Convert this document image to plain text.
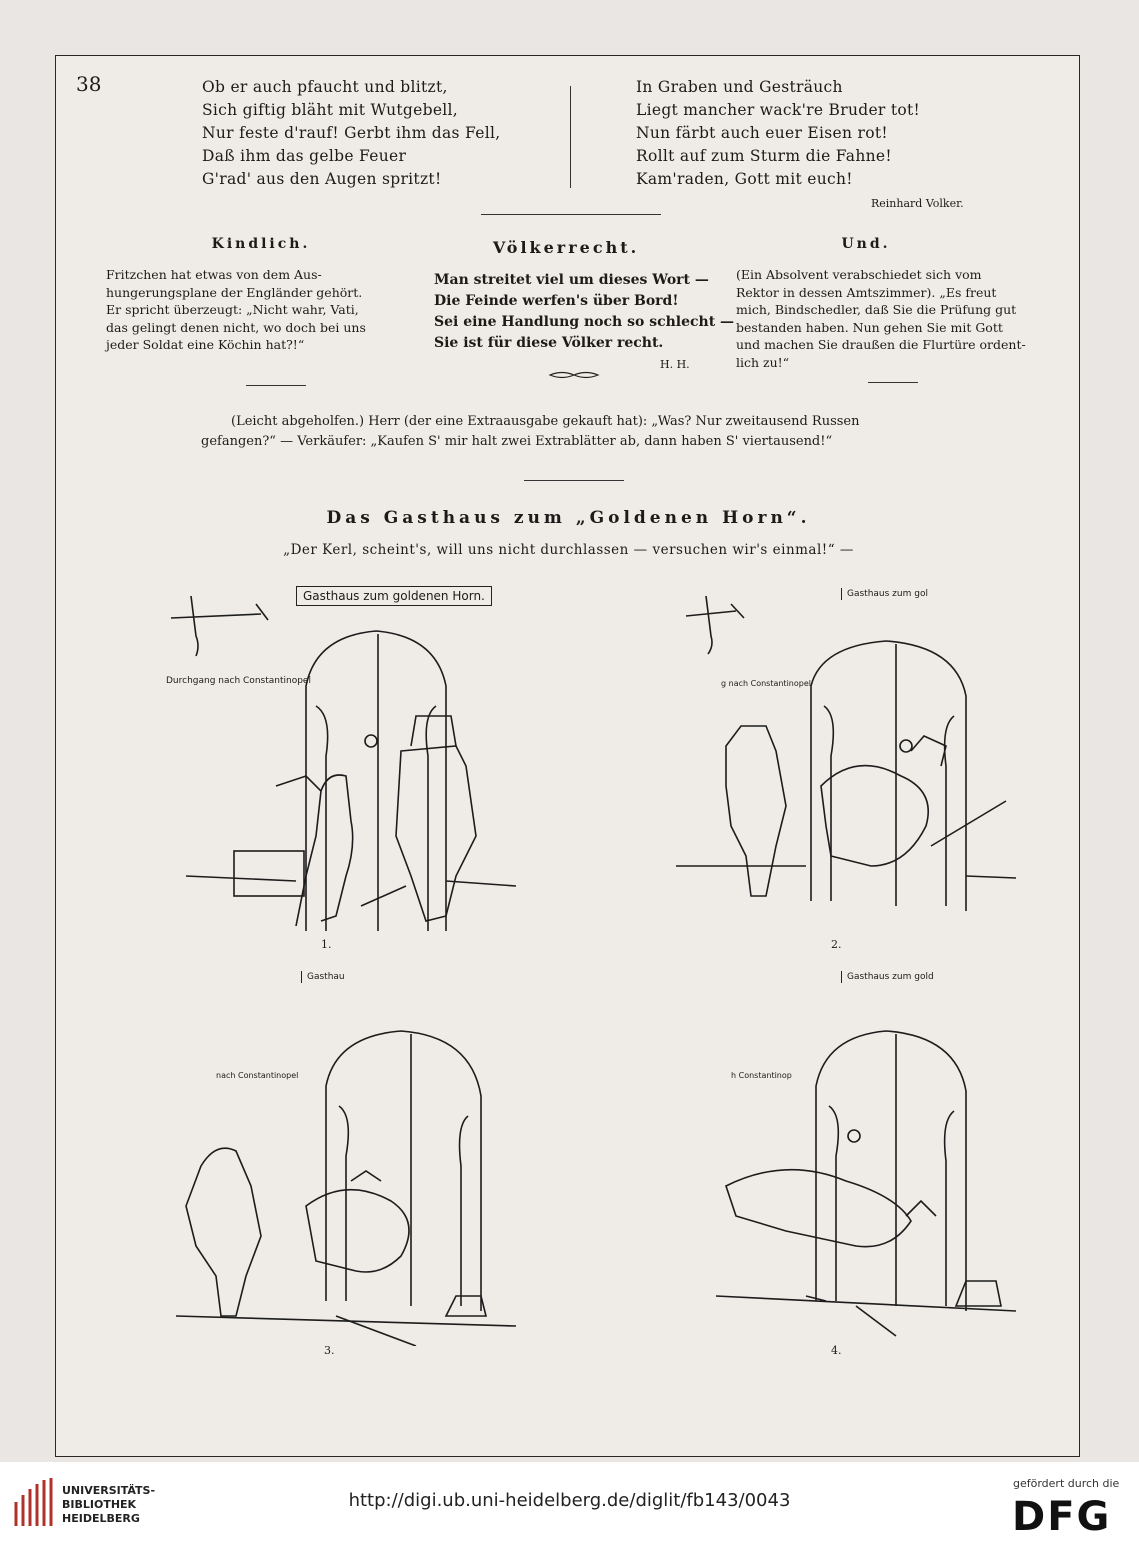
38	Ob er auch pfaucht und blitzt,
Sich giftig bläht mit Wutgebell,
Nur feste d'rauf! Gerbt ihm das Fell,
Daß ihm das gelbe Feuer
G'rad' aus den Augen spritzt!
In Graben und Gesträuch
Liegt mancher wack're Bruder tot!
Nun färbt auch euer Eisen rot!
Rollt auf zum Sturm die Fahne!
Kam'raden, Gott mit euch!
Reinhard Volker.
Kindlich.
Fritzchen hat etwas von dem Aus-
hungerungsplane der Engländer gehört.
Er spricht überzeugt: „Nicht wahr, Vati,
das gelingt denen nicht, wo doch bei uns
jeder Soldat eine Köchin hat?!“
Völkerrecht.
Man streitet viel um dieses Wort —
Die Feinde werfen's über Bord!
Sei eine Handlung noch so schlecht —
Sie ist für diese Völker recht.
H. H.
Und.
(Ein Absolvent verabschiedet sich vom
Rektor in dessen Amtszimmer). „Es freut
mich, Bindschedler, daß Sie die Prüfung gut
bestanden haben. Nun gehen Sie mit Gott
und machen Sie draußen die Flurtüre ordent-
lich zu!“
(Leicht abgeholfen.) Herr (der eine Extraausgabe gekauft hat): „Was? Nur zweitausend Russen
gefangen?“ — Verkäufer: „Kaufen S' mir halt zwei Extrablätter ab, dann haben S' viertausend!“
Das Gasthaus zum „Goldenen Horn“.
„Der Kerl, scheint's, will uns nicht durchlassen — versuchen wir's einmal!“ —
Gasthaus zum goldenen Horn.
Durchgang nach Constantinopel
1.
Gasthaus zum gol
g nach Constantinopel
2.
Gasthau
nach Constantinopel
3.
Gasthaus zum gold
h Constantinop
4.
UNIVERSITÄTS-
BIBLIOTHEK
HEIDELBERG
http://digi.ub.uni-heidelberg.de/diglit/fb143/0043
gefördert durch die
DFG
